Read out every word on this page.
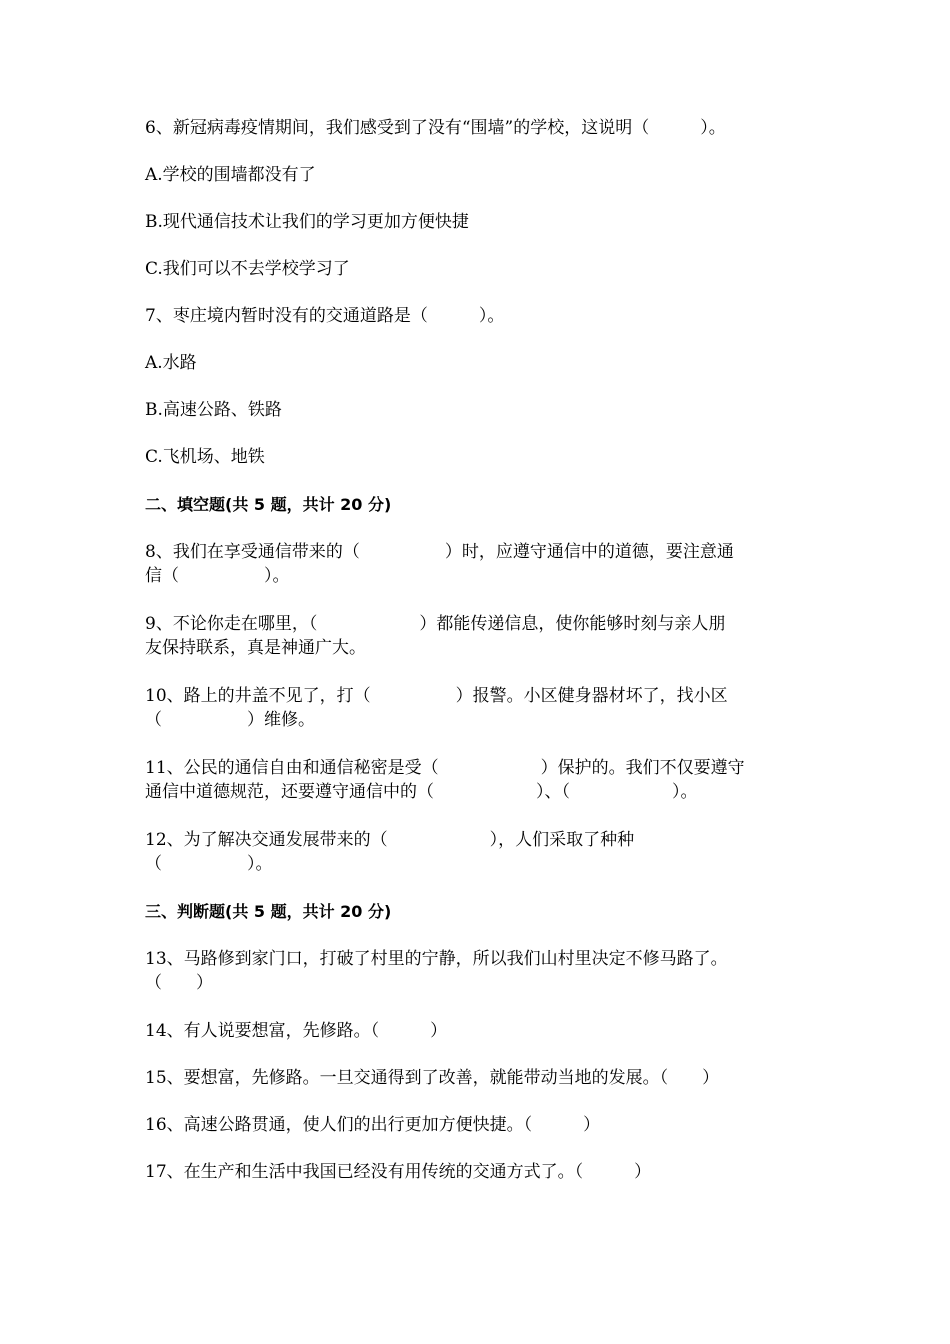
6、新冠病毒疫情期间，我们感受到了没有“围墙”的学校，这说明（　　　）。
A.学校的围墙都没有了
B.现代通信技术让我们的学习更加方便快捷
C.我们可以不去学校学习了
7、枣庄境内暂时没有的交通道路是（　　　）。
A.水路
B.高速公路、铁路
C.飞机场、地铁
二、填空题(共 5 题，共计 20 分)
8、我们在享受通信带来的（　　　　　）时，应遵守通信中的道德，要注意通
信（　　　　　）。
9、不论你走在哪里，（　　　　　　）都能传递信息，使你能够时刻与亲人朋
友保持联系，真是神通广大。
10、路上的井盖不见了，打（　　　　　）报警。小区健身器材坏了，找小区
（　　　　　）维修。
11、公民的通信自由和通信秘密是受（　　　　　　）保护的。我们不仅要遵守
通信中道德规范，还要遵守通信中的（　　　　　　）、（　　　　　　）。
12、为了解决交通发展带来的（　　　　　　），人们采取了种种
（　　　　　）。
三、判断题(共 5 题，共计 20 分)
13、马路修到家门口，打破了村里的宁静，所以我们山村里决定不修马路了。
（　　）
14、有人说要想富，先修路。（　　　）
15、要想富，先修路。一旦交通得到了改善，就能带动当地的发展。（　　）
16、高速公路贯通，使人们的出行更加方便快捷。（　　　）
17、在生产和生活中我国已经没有用传统的交通方式了。（　　　）
